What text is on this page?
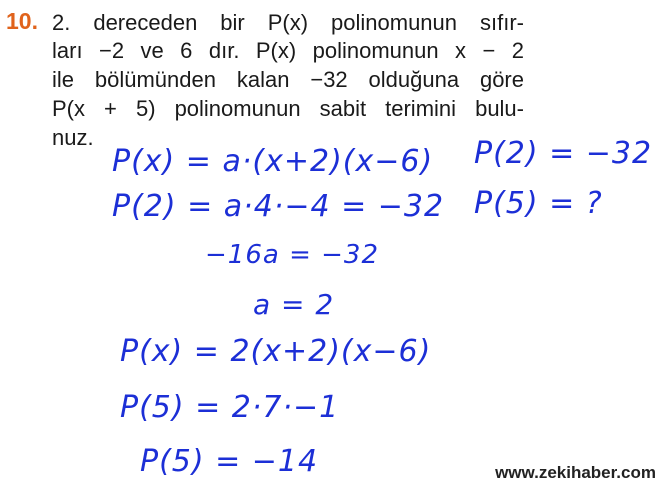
10. 2. dereceden bir P(x) polinomunun sıfır-
ları −2 ve 6 dır. P(x) polinomunun x − 2
ile bölümünden kalan −32 olduğuna göre
P(x + 5) polinomunun sabit terimini bulu-
nuz.
P(x) = a·(x+2)(x−6)
P(2) = a·4·−4 = −32
−16a = −32
a = 2
P(x) = 2(x+2)(x−6)
P(5) = 2·7·−1
P(5) = −14
P(2) = −32
P(5) = ?
www.zekihaber.com
